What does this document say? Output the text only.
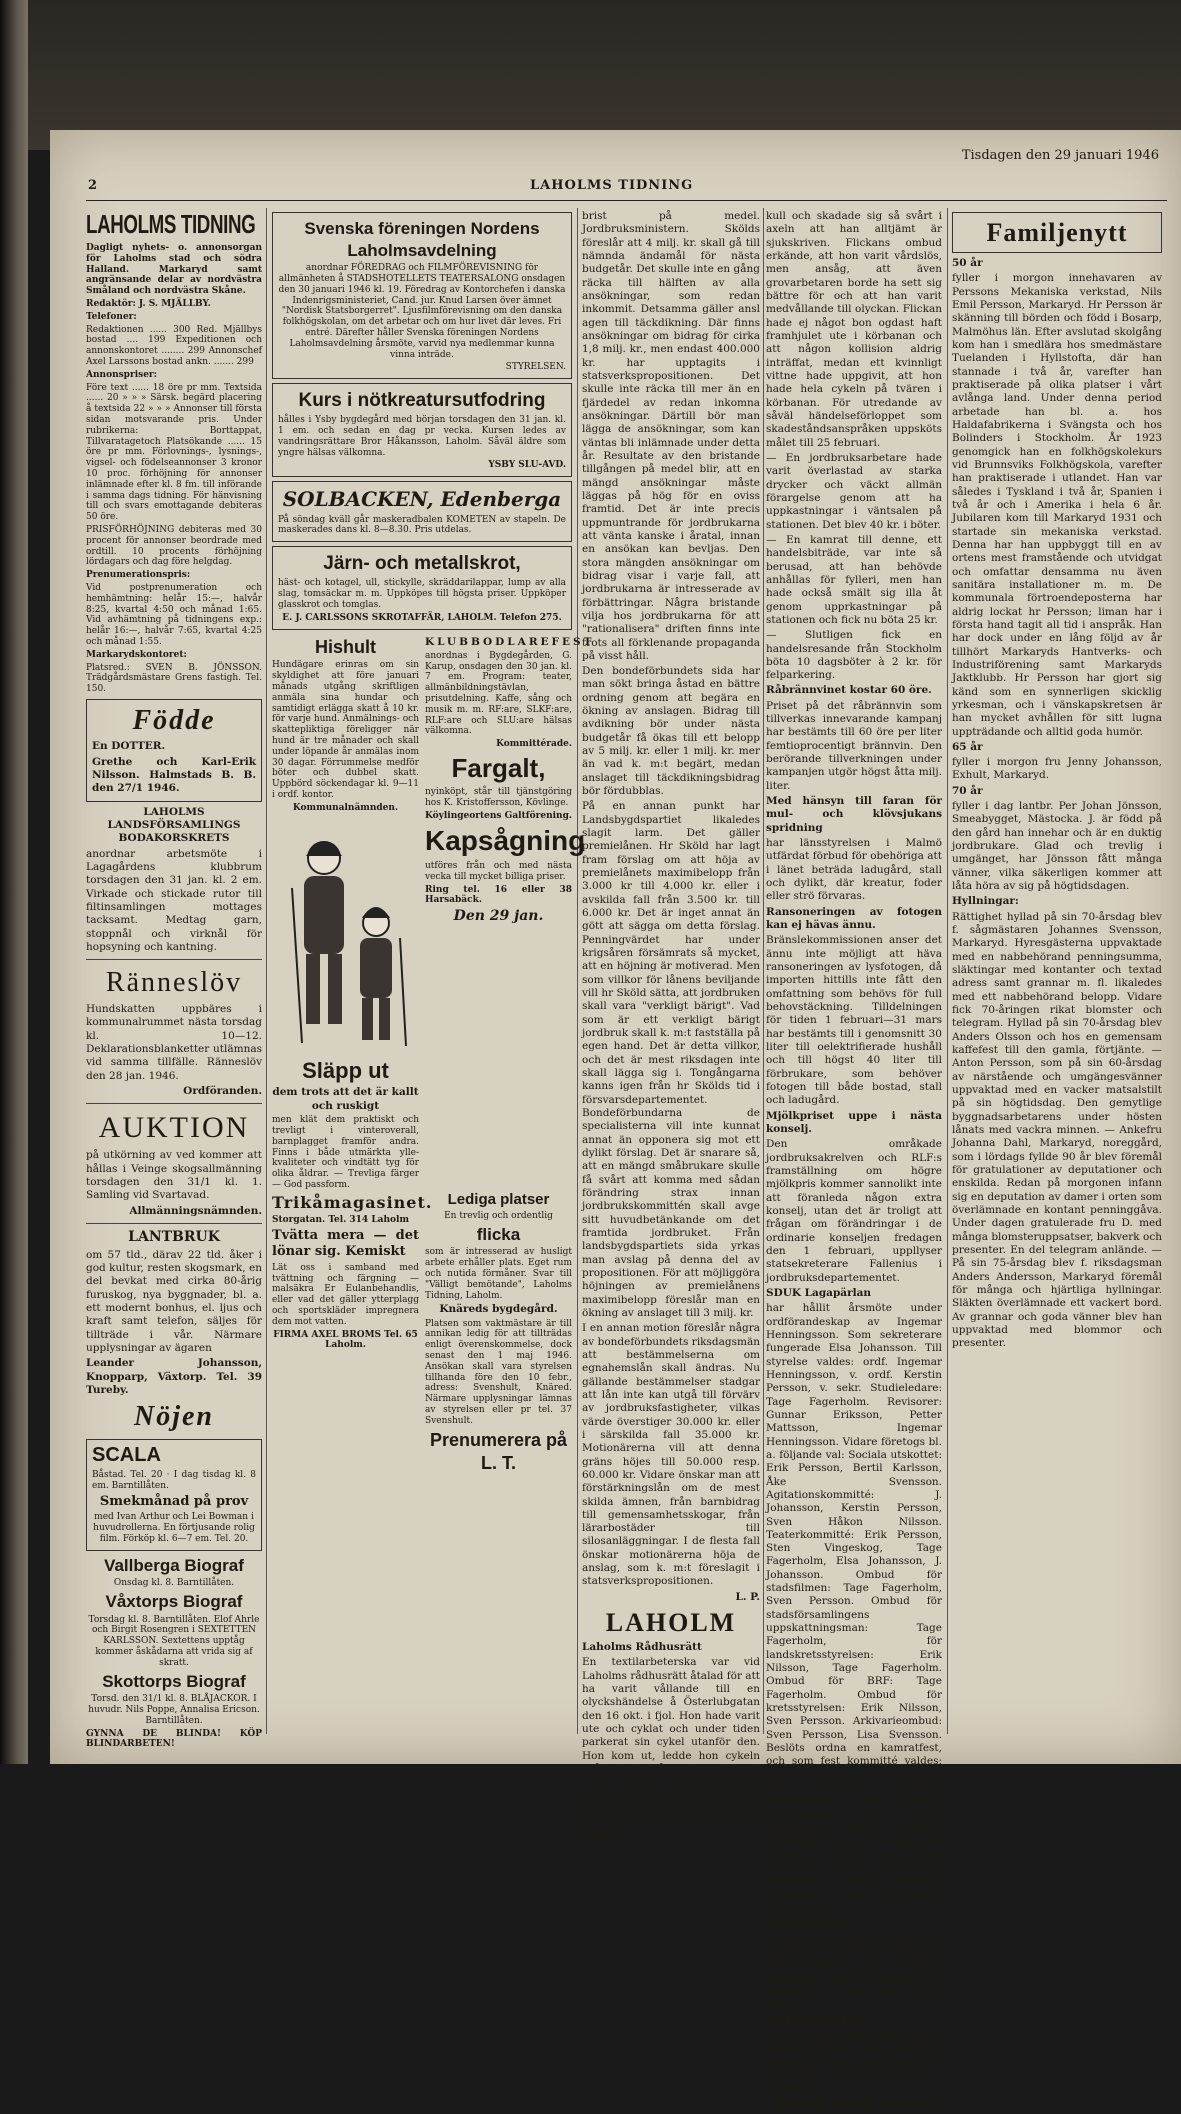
2	LAHOLMS TIDNING
Tisdagen den 29 januari 1946
LAHOLMS TIDNING

Dagligt nyhets- o. annonsorgan för Laholms stad och södra Halland. Markaryd samt angränsande delar av nordvästra Småland och nordvästra Skåne.

Redaktör: J. S. MJÄLLBY.

Telefoner:

Redaktionen ...... 300 Red. Mjällbys bostad .... 199 Expeditionen och annonskontoret ........ 299 Annonschef Axel Larssons bostad ankn. ....... 299

Annonspriser:

Före text ...... 18 öre pr mm. Textsida ...... 20 » » » Särsk. begärd placering å textsida 22 » » » Annonser till första sidan motsvarande pris. Under rubrikerna: Borttappat, Tillvaratagetoch Platsökande ...... 15 öre pr mm. Förlovnings-, lysnings-, vigsel- och födelseannonser 3 kronor 10 proc. förhöjning för annonser inlämnade efter kl. 8 fm. till införande i samma dags tidning. För hänvisning till och svars emottagande debiteras 50 öre.

PRISFÖRHÖJNING debiteras med 30 procent för annonser beordrade med ordtill. 10 procents förhöjning lördagars och dag före helgdag.

Prenumerationspris:

Vid postprenumeration och hemhämtning: helår 15:—, halvår 8:25, kvartal 4:50 och månad 1:65. Vid avhämtning på tidningens exp.: helår 16:—, halvår 7:65, kvartal 4:25 och månad 1:55.

Markarydskontoret:

Platsred.: SVEN B. JÖNSSON. Trädgårdsmästare Grens fastigh. Tel. 150.

Födde

En DOTTER.

Grethe och Karl-Erik Nilsson. Halmstads B. B. den 27/1 1946.

LAHOLMS LANDSFÖRSAMLINGS BODAKORSKRETS

anordnar arbetsmöte i Lagagårdens klubbrum torsdagen den 31 jan. kl. 2 em. Virkade och stickade rutor till filtinsamlingen mottages tacksamt. Medtag garn, stoppnål och virknål för hopsyning och kantning.

Rännesl​öv

Hundskatten uppbäres i kommunalrummet nästa torsdag kl. 10—12. Deklarationsblanketter utlämnas vid samma tillfälle. Rännesl​öv den 28 jan. 1946.

Ordföranden.

AUKTION

på utkörning av ved kommer att hållas i Veinge skogsallmänning torsdagen den 31/1 kl. 1. Samling vid Svartavad.

Allmänningsnämnden.

LANTBRUK

om 57 tld., därav 22 tld. åker i god kultur, resten skogsmark, en del bevkat med cirka 80-årig furuskog, nya byggnader, bl. a. ett modernt bonhus, el. ljus och kraft samt telefon, säljes för tillträde i vår. Närmare upplysningar av ägaren

Leander Johansson, Knopparp, Växtorp. Tel. 39 Tureby.

Nöjen
SCALA

Båstad. Tel. 20 · I dag tisdag kl. 8 em. Barntillåten.

Smekmånad på prov

med Ivan Arthur och Lei Bowman i huvudrollerna. En förtjusande rolig film. Förköp kl. 6—7 em. Tel. 20.

Vallberga Biograf

Onsdag kl. 8. Barntillåten.

Våxtorps Biograf

Torsdag kl. 8. Barntillåten. Elof Ahrle och Birgit Rosengren i SEXTETTEN KARLSSON. Sextettens upptåg kommer åskådarna att vrida sig af skratt.

Skottorps Biograf

Torsd. den 31/1 kl. 8. BLÅJACKOR. I huvudr. Nils Poppe, Annalisa Ericson. Barntillåten.

GYNNA DE BLINDA! KÖP BLINDARBETEN!

Svenska föreningen Nordens Laholmsavdelning

anordnar FÖREDRAG och FILMFÖREVISNING för allmänheten å STADSHOTELLETS TEATERSALONG onsdagen den 30 januari 1946 kl. 19. Föredrag av Kontorchefen i danska Indenrigsministeriet, Cand. jur. Knud Larsen över ämnet "Nordisk Statsborgerret". Ljusfilmförevisning om den danska folkhögskolan, om det arbetar och om hur livet där leves. Fri entré. Därefter håller Svenska föreningen Nordens Laholmsavdelning årsmöte, varvid nya medlemmar kunna vinna inträde.

STYRELSEN.

Kurs i nötkreatursutfodring

hålles i Ysby bygdegård med början torsdagen den 31 jan. kl. 1 em. och sedan en dag pr vecka. Kursen ledes av vandringsrättare Bror Håkansson, Laholm. Såväl äldre som yngre hälsas välkomna.

YSBY SLU-AVD.

SOLBACKEN, Edenberga

På söndag kväll går maskeradbalen KOMETEN av stapeln. De maskerades dans kl. 8—8.30. Pris utdelas.

Järn- och metallskrot,

häst- och kotagel, ull, stickylle, skräddarilappar, lump av alla slag, tomsäckar m. m. Uppköpes till högsta priser. Uppköper glasskrot och tomglas.

E. J. CARLSSONS SKROTAFFÄR, LAHOLM. Telefon 275.

Hishult

Hundägare erinras om sin skyldighet att före januari månads utgång skriftligen anmäla sina hundar och samtidigt erlägga skatt å 10 kr. för varje hund. Anmälnings- och skattepliktiga föreligger när hund är tre månader och skall under löpande år anmälas inom 30 dagar. Förrummelse medför böter och dubbel skatt. Uppbörd söckendagar kl. 9—11 i ordf. kontor.

Kommunalnämnden.

Släpp ut

dem trots att det är kallt och ruskigt

men klät dem praktiskt och trevligt i vinteroverall, barnplagget framför andra. Finns i både utmärkta ylle-kvaliteter och vindtätt tyg för olika åldrar. — Trevliga färger — God passform.

Trikåmagasinet.

Storgatan. Tel. 314 Laholm

Tvätta mera — det lönar sig. Kemiskt

Lät oss i samband med tvättning och färgning — malsäkra Er Eulanbehandlis, eller vad det gäller ytterplagg och sportskläder impregnera dem mot vatten.

FIRMA AXEL BROMS Tel. 65 Laholm.

KLUBBODLAREFEST

anordnas i Bygdegården, G. Karup, onsdagen den 30 jan. kl. 7 em. Program: teater, allmänbildningstävlan, prisutdelning. Kaffe, sång och musik m. m. RF:are, SLKF:are, RLF:are och SLU:are hälsas välkomna.

Kommittérade.

Fargalt,

nyinköpt, står till tjänstgöring hos K. Kristoffersson, Kövlinge.

Köylingeortens Galtförening.

Kapsågning

utföres från och med nästa vecka till mycket billiga priser.

Ring tel. 16 eller 38 Harsabäck.

Den 29 jan.

Lediga platser

En trevlig och ordentlig

flicka

som är intresserad av husligt arbete erhåller plats. Eget rum och nutida förmåner. Svar till "Välligt bemötande", Laholms Tidning, Laholm.

Knäreds bygdegård.

Platsen som vaktmästare är till annikan ledig för att tillträdas enligt överenskommelse, dock senast den 1 maj 1946. Ansökan skall vara styrelsen tillhanda före den 10 febr., adress: Svenshult, Knäred. Närmare upplysningar lämnas av styrelsen eller pr tel. 37 Svenshult.

Prenumerera på L. T.

brist på medel. Jordbruksministern. Skölds föreslår att 4 milj. kr. skall gå till nämnda ändamål för nästa budgetår. Det skulle inte en gång räcka till hälften av alla ansökningar, som redan inkommit. Detsamma gäller ansl​agen till täckdikning. Där finns ansökningar om bidrag för cirka 1,8 milj. kr., men endast 400.000 kr. har upptagits i statsverkspropositionen. Det skulle inte räcka till mer än en fjärdedel av redan inkomna ansökningar. Därtill bör man lägga de ansökningar, som kan väntas bli inlämnade under detta år. Resultate av den bristande tillgången på medel blir, att en mängd ansökningar måste läggas på hög för en oviss framtid. Det är inte precis uppmuntrande för jordbrukarna att vänta kanske i åratal, innan en ansökan kan bevljas. Den stora mängden ansökningar om bidrag visar i varje fall, att jordbrukarna är intresserade av förbättringar. Några bristande vilja hos jordbrukarna för att "rationalisera" driften finns inte trots all förklenande propaganda på visst håll.

Den bondeförbundets sida har man sökt bringa åstad en bättre ordning genom att begära en ökning av anslagen. Bidrag till avdikning bör under nästa budgetår få ökas till ett belopp av 5 milj. kr. eller 1 milj. kr. mer än vad k. m:t begärt, medan anslaget till täckdikningsbidrag bör fördubblas.

På en annan punkt har Landsbygdspartiet likaledes slagit larm. Det gäller premielånen. Hr Sköld har lagt fram förslag om att höja av premielånets maximibelopp från 3.000 kr till 4.000 kr. eller i avskilda fall från 3.500 kr. till 6.000 kr. Det är inget annat än gött att sägga om detta förslag. Penningvärdet har under krigsåren försämrats så mycket, att en höjning är motiverad. Men som villkor för lånens beviljande vill hr Sköld sätta, att jordbruken skall vara "verkligt bärigt". Vad som är ett verkligt bärigt jordbruk skall k. m:t fastställa på egen hand. Det är detta villkor, och det är mest riksdagen inte skall lägga sig i. Tongångarna kanns igen från hr Skölds tid i försvarsdepartementet. Bondeförbundarna de specialisterna vill inte kunnat annat än opponera sig mot ett dylikt förslag. Det är snarare så, att en mängd småbrukare skulle få svårt att komma med sådan förändring strax innan jordbrukskommittén skall avge sitt huvudbetänkande om det framtida jordbruket. Från landsbygdspartiets sida yrkas man avslag på denna del av propositionen. För att möjliggöra höjningen av premielånens maximibelopp föreslår man en ökning av anslaget till 3 milj. kr.

I en annan motion föreslår några av bondeförbundets riksdagsmän att bestämmelserna om egnahemslån skall ändras. Nu gällande bestämmelser stadgar att lån inte kan utgå till förvärv av jordbruksfastigheter, vilkas värde överstiger 30.000 kr. eller i särskilda fall 35.000 kr. Motionärerna vill att denna gräns höjes till 50.000 resp. 60.000 kr. Vidare önskar man att förstärkningslån om de mest skilda ämnen, från barnbidrag till gemensamhetsskogar, från lärarbostäder till silosanläggningar. I de flesta fall önskar motionärerna höja de anslag, som k. m:t föreslagit i statsverkspropositionen.

L. P.

LAHOLM

Laholms Rådhusrätt

En textilarbeterska var vid Laholms rådhusrätt åtalad för att ha varit vållande till en olyckshändelse å Österlubgatan den 16 okt. i fjol. Hon hade varit ute och cyklat och under tiden parkerat sin cykel utanför den. Hon kom ut, ledde hon cykeln ifrån blev ut på gatan utan att se sig för. Det har sig nu därför att ännu en cyklist, som skulle vilja hon så kurtigt kommit beviljas av skulle väja för flickan, föll han omkull

kull och skadade sig så svårt i axeln att han alltjämt är sjukskriven. Flickans ombud erkände, att hon varit vårdslös, men ansåg, att även grovarbetaren borde ha sett sig bättre för och att han varit medvållande till olyckan. Flickan hade ej något bon ogdast haft framhjulet ute i körbanan och att någon kollision aldrig inträffat, medan ett kvinnligt vittne hade uppgivit, att hon hade hela cykeln på tvären i körbanan. För utredande av såväl händelseförloppet som skadeståndsanspråken uppsköts målet till 25 februari.

— En jordbruksarbetare hade varit överlastad av starka drycker och väckt allmän förargelse genom att ha uppkastningar i väntsalen på stationen. Det blev 40 kr. i böter.

— En kamrat till denne, ett handelsbiträde, var inte så berusad, att han behövde anhållas för fylleri, men han hade också smält sig illa åt genom upprkastningar på stationen och fick nu böta 25 kr.

— Slutligen fick en handelsresande från Stockholm böta 10 dagsböter à 2 kr. för felparkering.

Råbrännvinet kostar 60 öre.

Priset på det råbrännvin som tillverkas innevarande kampanj har bestämts till 60 öre per liter femtioprocentigt brännvin. Den berörande tillverkningen under kampanjen utgör högst åtta milj. liter.

Med hänsyn till faran för mul- och klövsjukans spridning

har länsstyrelsen i Malmö utfärdat förbud för obehöriga att i länet beträda ladugård, stall och dylikt, där kreatur, foder eller strö förvaras.

Ransoneringen av fotogen kan ej hävas ännu.

Bränslekommissionen anser det ännu inte möjligt att häva ransoneringen av lysfotogen, då importen hittills inte fått den omfattning som behövs för full behovstäckning. Tilldelningen för tiden 1 februari—31 mars har bestämts till i genomsnitt 30 liter till oelektrifierade hushåll och till högst 40 liter till förbrukare, som behöver fotogen till både bostad, stall och ladugård.

Mjölkpriset uppe i nästa konselj.

Den områkade jordbruksakrelven och RLF:s framställning om högre mjölkpris kommer sannolikt inte att föranleda någon extra konselj, utan det är troligt att frågan om förändringar i de ordinarie konseljen fredagen den 1 februari, uppllyser statsekreterare Fallenius i jordbruksdepartementet.

SDUK Lagapärlan

har hållit årsmöte under ordförandeskap av Ingemar Henningsson. Som sekreterare fungerade Elsa Johansson. Till styrelse valdes: ordf. Ingemar Henningsson, v. ordf. Kerstin Persson, v. sekr. Studieledare: Tage Fagerholm. Revisorer: Gunnar Eriksson, Petter Mattsson, Ingemar Henningsson. Vidare företogs bl. a. följande val: Sociala utskottet: Erik Persson, Bertil Karlsson, Åke Svensson. Agitationskommitté: J. Johansson, Kerstin Persson, Sven Håkon Nilsson. Teaterkommitté: Erik Persson, Sten Vingeskog, Tage Fagerholm, Elsa Johansson, J. Johansson. Ombud för stadsfilmen: Tage Fagerholm, Sven Persson. Ombud för stadsförsamlingens uppskattningsman: Tage Fagerholm, för landskretsstyrelsen: Erik Nilsson, Tage Fagerholm. Ombud för BRF: Tage Fagerholm. Ombud för kretsstyrelsen: Erik Nilsson, Sven Persson. Arkivarieombud: Sven Persson, Lisa Svensson. Beslöts ordna en kamratfest, och som fest kommitté valdes: Frank Persson, John Johansson, Erik Nilsson, Ingemar Henningsson. Att handha programmet för nästa klubbmöte valdes Ingemar Henningsson, J. Johansson, Stig Nilsson, Sven Persson. Mötet avslutades med ett trevligt samkväm, varvid förekom frågesport samt ölförbedda teaterklubb.

VÄDERLEKEN:

Utsikter för södra Götaland och västkusten: sydlig, frisk till hård vind, mulet och allmänt snöblandat regn, temperaturen omkring 0 eller något grad övöver.

TRAFIKMANING.

NÄR EN MOTORFÖRARE börtar alkohol, sviker han samhället förtroende och glömmer sitt personliga krav att vara i trygghet.

Hallands distrikt av M. H. F.

Familjenytt

50 år

fyller i morgon innehavaren av Perssons Mekaniska verkstad, Nils Emil Persson, Markaryd. Hr Persson är skänning till börden och född i Bosarp, Malmöhus län. Efter avslutad skolgång kom han i smedlära hos smedmästare Tuelanden i Hyllstofta, där han stannade i två år, varefter han praktiserade på olika platser i vårt avlånga land. Under denna period arbetade han bl. a. hos Haldafabrikerna i Svängsta och hos Bolinders i Stockholm. År 1923 genomgick han en folkhögskolekurs vid Brunnsviks Folkhögskola, varefter han praktiserade i utlandet. Han var således i Tyskland i två år, Spanien i två år och i Amerika i hela 6 år. Jubilaren kom till Markaryd 1931 och startade sin mekaniska verkstad. Denna har han uppbyggt till en av ortens mest framstående och utvidgat och omfattar densamma nu även sanitära installationer m. m. De kommunala förtroendeposterna har aldrig lockat hr Persson; liman har i första hand tagit all tid i anspråk. Han har dock under en lång följd av år tillhört Markaryds Hantverks- och Industriförening samt Markaryds Jaktklubb. Hr Persson har gjort sig känd som en synnerligen skicklig yrkesman, och i vänskapskretsen är han mycket avhållen för sitt lugna uppträdande och alltid goda humör.

65 år

fyller i morgon fru Jenny Johansson, Exhult, Markaryd.

70 år

fyller i dag lantbr. Per Johan Jönsson, Smeabygget, Mästocka. J. är född på den gård han innehar och är en duktig jordbrukare. Glad och trevlig i umgänget, har Jönsson fått många vänner, vilka säkerligen kommer att låta höra av sig på högtidsdagen.

Hyllningar:

Rättighet hyllad på sin 70-årsdag blev f. sågmästaren Johannes Svensson, Markaryd. Hyresgästerna uppvaktade med en nabbehörand penningsumma, släktingar med kontanter och textad adress samt grannar m. fl. likaledes med ett nabbehörand belopp. Vidare fick 70-åringen rikat blomster och telegram. Hyllad på sin 70-årsdag blev Anders Olsson och hos en gemensam kaffefest till den gamla, förtjänte. — Anton Persson, som på sin 60-årsdag av närstående och umgängesvänner uppvaktad med en vacker matsalstilt på sin högtidsdag. Den gemytlige byggnadsarbetarens under hösten lånats med vackra minnen. — Ankefru Johanna Dahl, Markaryd, noreggård, som i lördags fyllde 90 år blev föremål för gratulationer av deputationer och enskilda. Redan på morgonen infann sig en deputation av damer i orten som överlämnade en kontant penninggåva. Under dagen gratulerade fru D. med många blomsteruppsatser, bakverk och presenter. En del telegram anlände. — På sin 75-årsdag blev f. riksdagsman Anders Andersson, Markaryd föremål för många och hjärtliga hyllningar. Släkten överlämnade ett vackert bord. Av grannar och goda vänner blev han uppvaktad med blommor och presenter.
